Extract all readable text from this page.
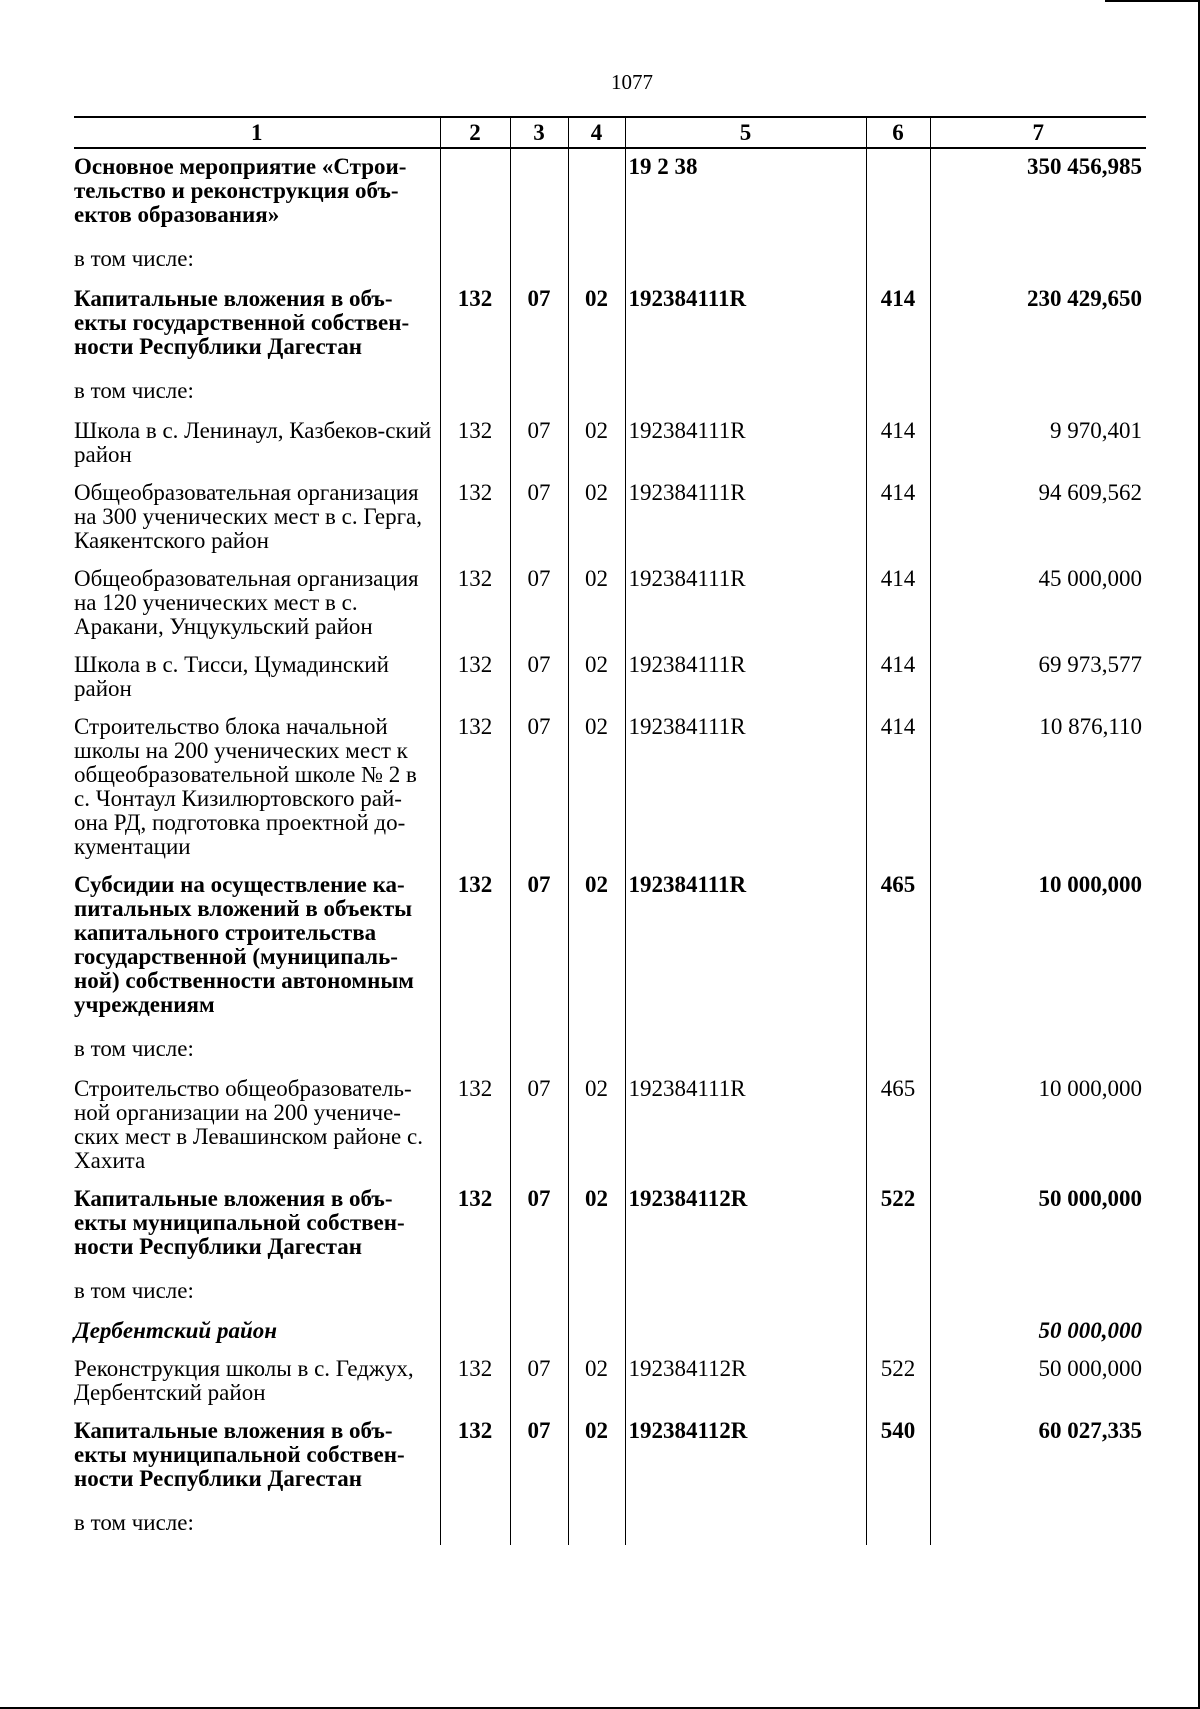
1077
1	2	3	4	5	6	7
Основное мероприятие «Строи-тельство и реконструкция объ-ектов образования»				19 2 38		350 456,985
в том числе:						
Капитальные вложения в объ-екты государственной собствен-ности Республики Дагестан	132	07	02	192384111R	414	230 429,650
в том числе:						
Школа в с. Ленинаул, Казбеков-ский район	132	07	02	192384111R	414	9 970,401
Общеобразовательная организация на 300 ученических мест в с. Герга, Каякентского район	132	07	02	192384111R	414	94 609,562
Общеобразовательная организация на 120 ученических мест в с. Аракани, Унцукульский район	132	07	02	192384111R	414	45 000,000
Школа в с. Тисси, Цумадинский район	132	07	02	192384111R	414	69 973,577
Строительство блока начальной школы на 200 ученических мест к общеобразовательной школе № 2 в с. Чонтаул Кизилюртовского рай-она РД, подготовка проектной до-кументации	132	07	02	192384111R	414	10 876,110
Субсидии на осуществление ка-питальных вложений в объекты капитального строительства государственной (муниципаль-ной) собственности автономным учреждениям	132	07	02	192384111R	465	10 000,000
в том числе:						
Строительство общеобразователь-ной организации на 200 учениче-ских мест в Левашинском районе с. Хахита	132	07	02	192384111R	465	10 000,000
Капитальные вложения в объ-екты муниципальной собствен-ности Республики Дагестан	132	07	02	192384112R	522	50 000,000
в том числе:						
Дербентский район						50 000,000
Реконструкция школы в с. Геджух, Дербентский район	132	07	02	192384112R	522	50 000,000
Капитальные вложения в объ-екты муниципальной собствен-ности Республики Дагестан	132	07	02	192384112R	540	60 027,335
в том числе:						
